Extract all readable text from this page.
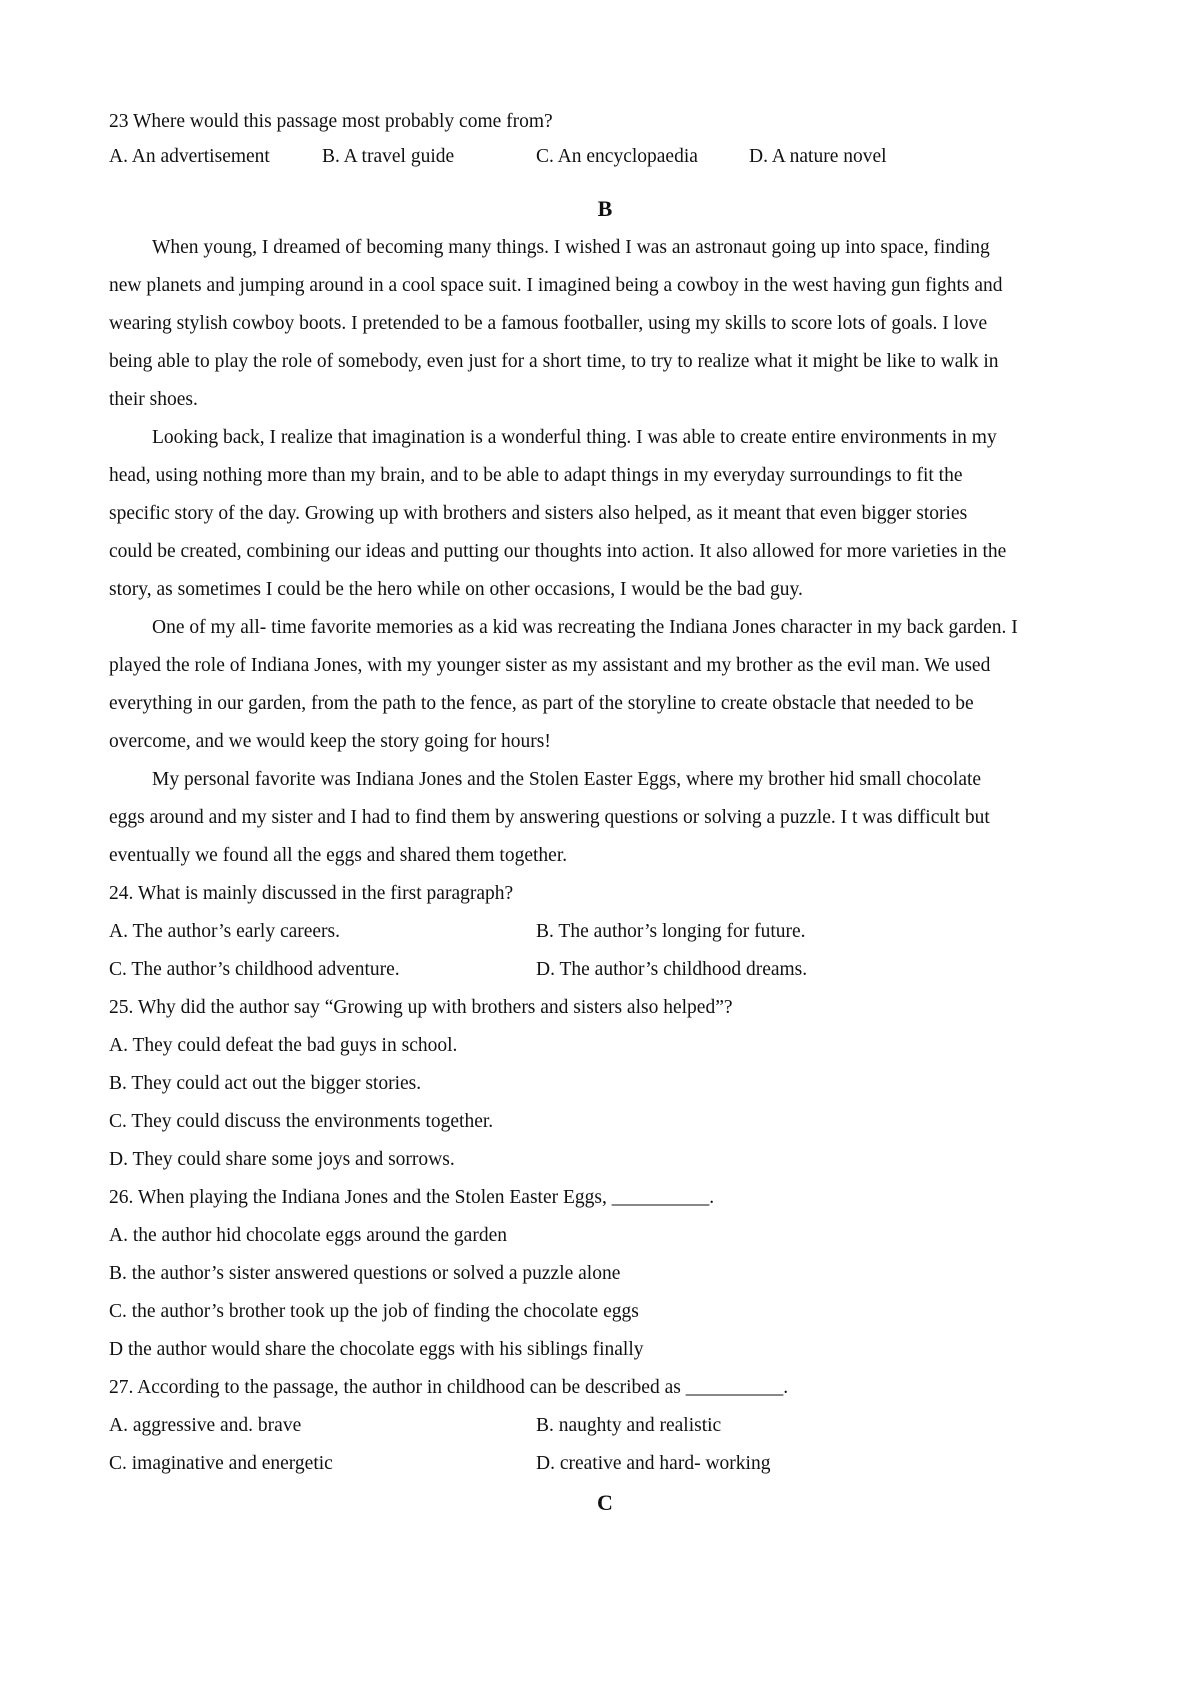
23 Where would this passage most probably come from?

A. An advertisement	B. A travel guide	C. An encyclopaedia	D. A nature novel

B

When young, I dreamed of becoming many things. I wished I was an astronaut going up into space, finding

new planets and jumping around in a cool space suit. I imagined being a cowboy in the west having gun fights and

wearing stylish cowboy boots. I pretended to be a famous footballer, using my skills to score lots of goals. I love

being able to play the role of somebody, even just for a short time, to try to realize what it might be like to walk in

their shoes.

Looking back, I realize that imagination is a wonderful thing. I was able to create entire environments in my

head, using nothing more than my brain, and to be able to adapt things in my everyday surroundings to fit the

specific story of the day. Growing up with brothers and sisters also helped, as it meant that even bigger stories

could be created, combining our ideas and putting our thoughts into action. It also allowed for more varieties in the

story, as sometimes I could be the hero while on other occasions, I would be the bad guy.

One of my all- time favorite memories as a kid was recreating the Indiana Jones character in my back garden. I

played the role of Indiana Jones, with my younger sister as my assistant and my brother as the evil man. We used

everything in our garden, from the path to the fence, as part of the storyline to create obstacle that needed to be

overcome, and we would keep the story going for hours!

My personal favorite was Indiana Jones and the Stolen Easter Eggs, where my brother hid small chocolate

eggs around and my sister and I had to find them by answering questions or solving a puzzle. I t was difficult but

eventually we found all the eggs and shared them together.

24. What is mainly discussed in the first paragraph?

A. The author’s early careers.	B. The author’s longing for future.
C. The author’s childhood adventure.	D. The author’s childhood dreams.

25. Why did the author say “Growing up with brothers and sisters also helped”?

A. They could defeat the bad guys in school.

B. They could act out the bigger stories.

C. They could discuss the environments together.

D. They could share some joys and sorrows.

26. When playing the Indiana Jones and the Stolen Easter Eggs, __________.

A. the author hid chocolate eggs around the garden

B. the author’s sister answered questions or solved a puzzle alone

C. the author’s brother took up the job of finding the chocolate eggs

D the author would share the chocolate eggs with his siblings finally

27. According to the passage, the author in childhood can be described as __________.

A. aggressive and. brave	B. naughty and realistic
C. imaginative and energetic	D. creative and hard- working

C
